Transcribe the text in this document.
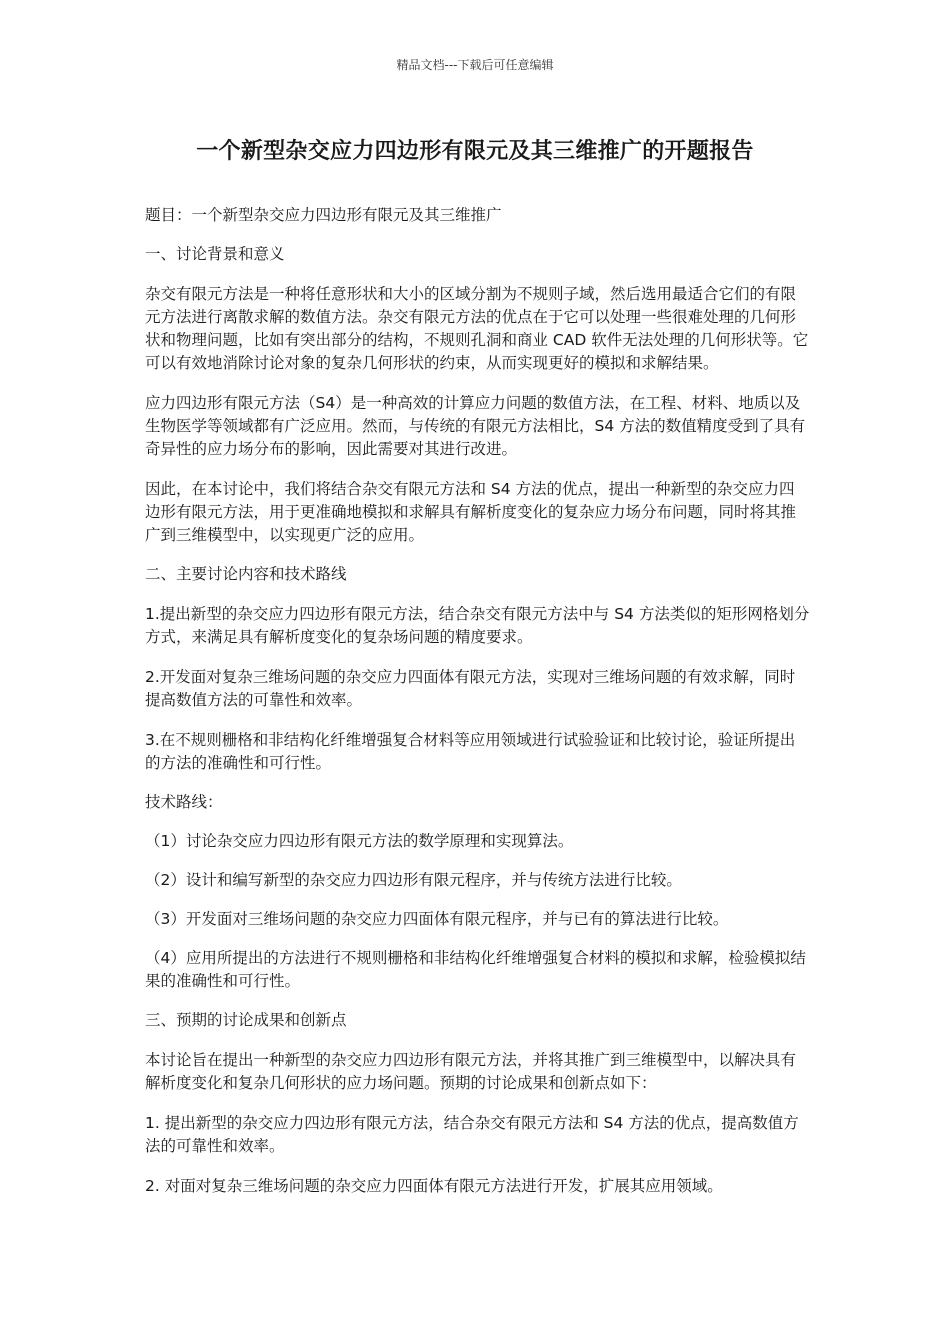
精品文档---下载后可任意编辑
一个新型杂交应力四边形有限元及其三维推广的开题报告

题目：一个新型杂交应力四边形有限元及其三维推广

一、讨论背景和意义

杂交有限元方法是一种将任意形状和大小的区域分割为不规则子域，然后选用最适合它们的有限元方法进行离散求解的数值方法。杂交有限元方法的优点在于它可以处理一些很难处理的几何形状和物理问题，比如有突出部分的结构，不规则孔洞和商业 CAD 软件无法处理的几何形状等。它可以有效地消除讨论对象的复杂几何形状的约束，从而实现更好的模拟和求解结果。

应力四边形有限元方法（S4）是一种高效的计算应力问题的数值方法，在工程、材料、地质以及生物医学等领域都有广泛应用。然而，与传统的有限元方法相比，S4 方法的数值精度受到了具有奇异性的应力场分布的影响，因此需要对其进行改进。

因此，在本讨论中，我们将结合杂交有限元方法和 S4 方法的优点，提出一种新型的杂交应力四边形有限元方法，用于更准确地模拟和求解具有解析度变化的复杂应力场分布问题，同时将其推广到三维模型中，以实现更广泛的应用。

二、主要讨论内容和技术路线

1.提出新型的杂交应力四边形有限元方法，结合杂交有限元方法中与 S4 方法类似的矩形网格划分方式，来满足具有解析度变化的复杂场问题的精度要求。

2.开发面对复杂三维场问题的杂交应力四面体有限元方法，实现对三维场问题的有效求解，同时提高数值方法的可靠性和效率。

3.在不规则栅格和非结构化纤维增强复合材料等应用领域进行试验验证和比较讨论，验证所提出的方法的准确性和可行性。

技术路线：

（1）讨论杂交应力四边形有限元方法的数学原理和实现算法。

（2）设计和编写新型的杂交应力四边形有限元程序，并与传统方法进行比较。

（3）开发面对三维场问题的杂交应力四面体有限元程序，并与已有的算法进行比较。

（4）应用所提出的方法进行不规则栅格和非结构化纤维增强复合材料的模拟和求解，检验模拟结果的准确性和可行性。

三、预期的讨论成果和创新点

本讨论旨在提出一种新型的杂交应力四边形有限元方法，并将其推广到三维模型中，以解决具有解析度变化和复杂几何形状的应力场问题。预期的讨论成果和创新点如下：

1. 提出新型的杂交应力四边形有限元方法，结合杂交有限元方法和 S4 方法的优点，提高数值方法的可靠性和效率。

2. 对面对复杂三维场问题的杂交应力四面体有限元方法进行开发，扩展其应用领域。
